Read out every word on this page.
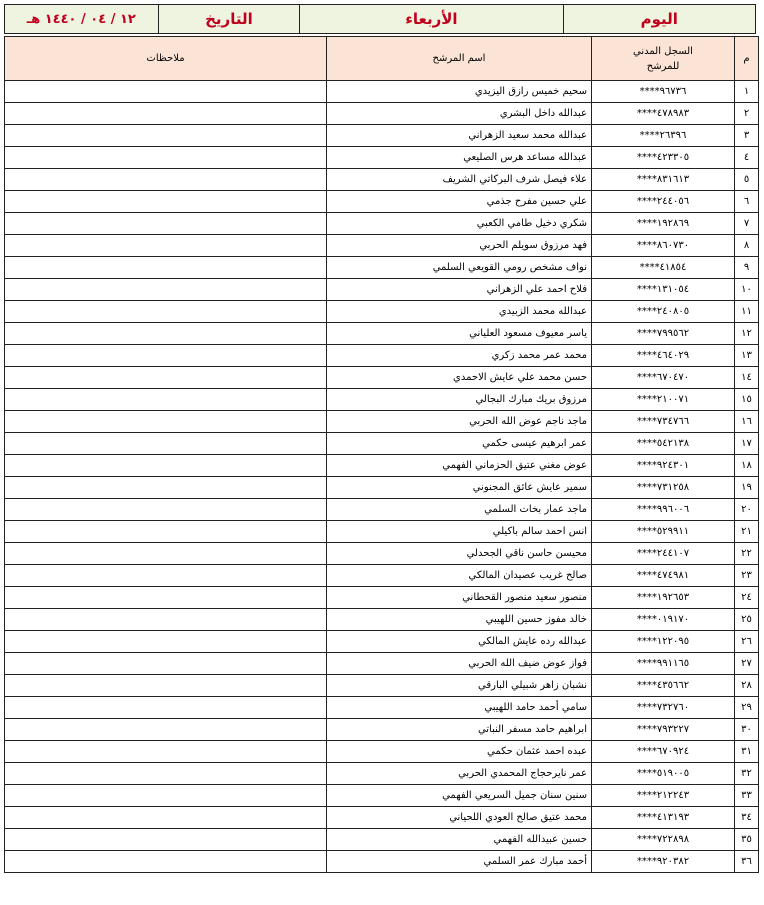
اليوم
الأربعاء
التاريخ
١٢ / ٠٤ / ١٤٤٠ هـ
م	السجل المدني
للمرشح	اسم المرشح	ملاحظات
١	****٩٦٧٣٦	سحيم خميس رازق اليزيدي	
٢	****٤٧٨٩٨٣	عبدالله داخل البشري	
٣	****٢٦٣٩٦	عبدالله محمد سعيد الزهراني	
٤	****٤٢٣٣٠٥	عبدالله مساعد هرس الصليعي	
٥	****٨٣١٦١٣	علاء فيصل شرف البركاتي الشريف	
٦	****٢٤٤٠٥٦	علي حسين مفرح جذمي	
٧	****١٩٢٨٦٩	شكري دخيل طامي الكعبي	
٨	****٨٦٠٧٣٠	فهد مرزوق سويلم الحربي	
٩	****٤١٨٥٤	نواف مشخص رومي القويعي السلمي	
١٠	****١٣١٠٥٤	فلاح احمد علي الزهراني	
١١	****٢٤٠٨٠٥	عبدالله محمد الزبيدي	
١٢	****٧٩٩٥٦٢	ياسر معيوف مسعود العلياني	
١٣	****٤٦٤٠٢٩	محمد عمر محمد زكري	
١٤	****٦٧٠٤٧٠	حسن محمد علي عايش الاحمدي	
١٥	****٢١٠٠٧١	مرزوق بريك مبارك البجالي	
١٦	****٧٣٤٧٦٦	ماجد ناجم عوض الله الحربي	
١٧	****٥٤٢١٣٨	عمر ابرهيم عيسى حكمي	
١٨	****٩٢٤٣٠١	عوض مغني عتيق الحزماني الفهمي	
١٩	****٧٣١٢٥٨	سمير عايش عائق المجنوني	
٢٠	****٩٩٦٠٠٦	ماجد عمار بخات السلمي	
٢١	****٥٢٩٩١١	انس احمد سالم باكيلي	
٢٢	****٢٤٤١٠٧	محيسن حاسن ناقي الجحدلي	
٢٣	****٤٧٤٩٨١	صالح غريب عصيدان المالكي	
٢٤	****١٩٢٦٥٣	منصور سعيد منصور القحطاني	
٢٥	****٠١٩١٧٠	خالد مفوز حسين اللهيبي	
٢٦	****١٢٢٠٩٥	عبدالله رده عايش المالكي	
٢٧	****٩٩١١٦٥	فواز عوض ضيف الله الحربي	
٢٨	****٤٣٥٦٦٢	نشبان زاهر شبيلي البارقي	
٢٩	****٧٣٢٧٦٠	سامي أحمد حامد اللهيبي	
٣٠	****٧٩٣٢٢٧	ابراهيم حامد مسفر النباتي	
٣١	****٦٧٠٩٢٤	عبده احمد عثمان حكمي	
٣٢	****٥١٩٠٠٥	عمر نايرحجاج المحمدي الحربي	
٣٣	****٢١٢٢٤٣	سنين سنان جميل السريعي الفهمي	
٣٤	****٤١٣١٩٣	محمد عتيق صالح العودي اللحياني	
٣٥	****٧٢٢٨٩٨	حسين عبيدالله الفهمي	
٣٦	****٩٢٠٣٨٢	أحمد مبارك عمر السلمي	
